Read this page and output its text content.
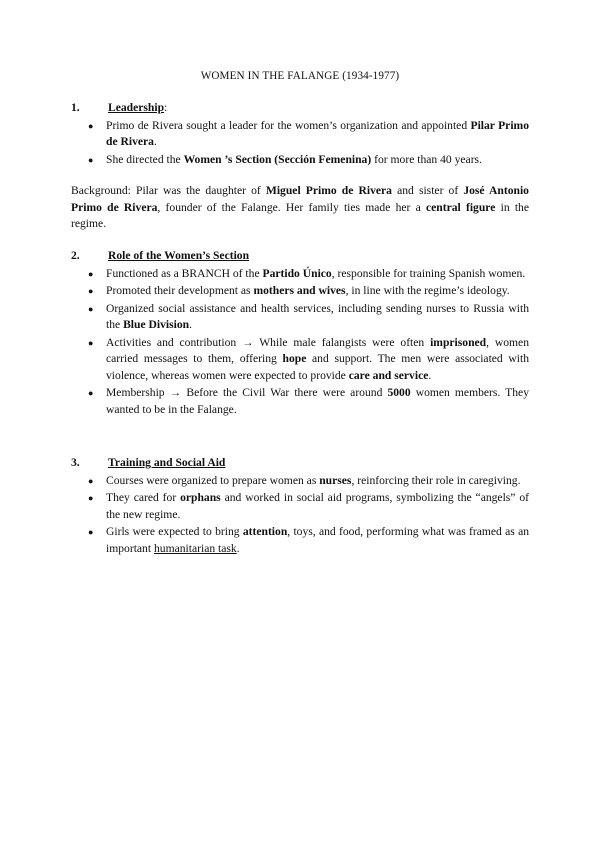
WOMEN IN THE FALANGE (1934-1977)
1.	Leadership :
● Primo de Rivera sought a leader for the women’s organization and appointed Pilar Primo de Rivera.
● She directed the Women ’s Section (Sección Femenina) for more than 40 years.

Background: Pilar was the daughter of Miguel Primo de Rivera and sister of José Antonio Primo de Rivera, founder of the Falange. Her family ties made her a central figure in the regime.

2.	Role of the Women’s Section
● Functioned as a BRANCH of the Partido Único, responsible for training Spanish women.
● Promoted their development as mothers and wives, in line with the regime’s ideology.
● Organized social assistance and health services, including sending nurses to Russia with the Blue Division.
● Activities and contribution → While male falangists were often imprisoned, women carried messages to them, offering hope and support. The men were associated with violence, whereas women were expected to provide care and service.
● Membership → Before the Civil War there were around 5000 women members. They wanted to be in the Falange.
3.	Training and Social Aid
● Courses were organized to prepare women as nurses, reinforcing their role in caregiving.
● They cared for orphans and worked in social aid programs, symbolizing the “angels” of the new regime.
● Girls were expected to bring attention, toys, and food, performing what was framed as an important humanitarian task.
